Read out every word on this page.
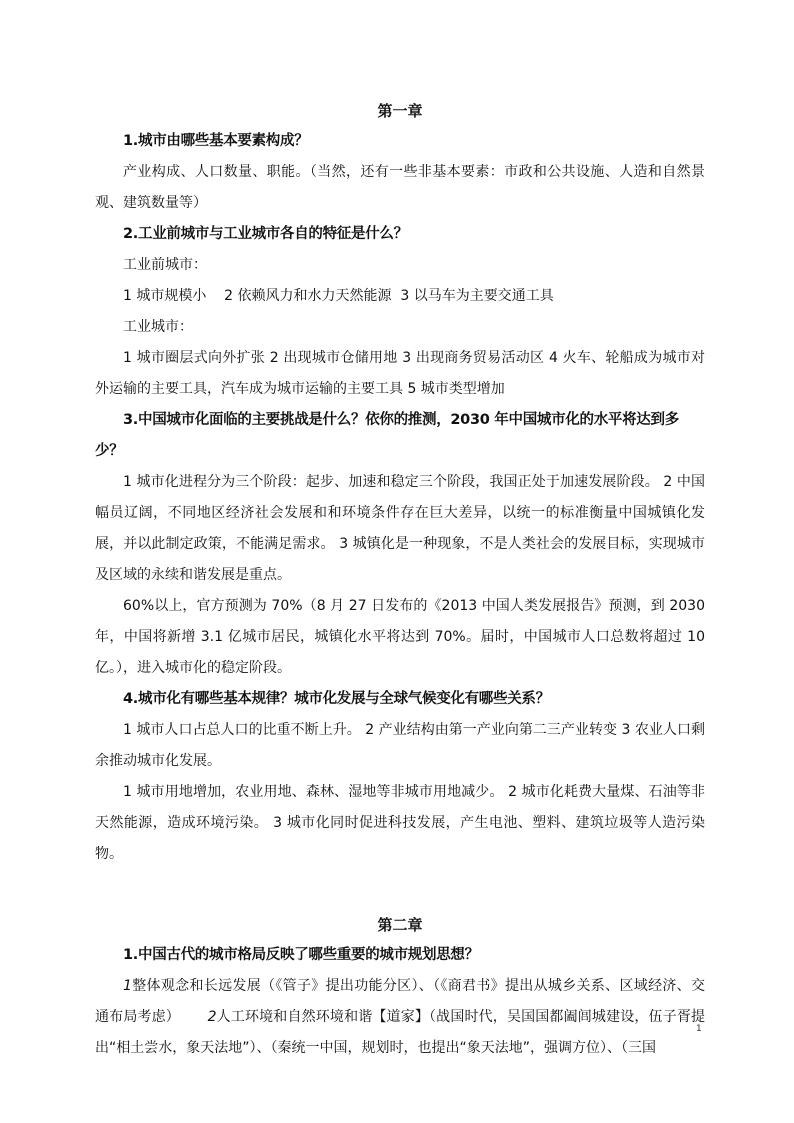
第一章

1.城市由哪些基本要素构成？

产业构成、人口数量、职能。（当然，还有一些非基本要素：市政和公共设施、人造和自然景观、建筑数量等）

2.工业前城市与工业城市各自的特征是什么？

工业前城市：

1 城市规模小    2 依赖风力和水力天然能源  3 以马车为主要交通工具

工业城市：

1 城市圈层式向外扩张 2 出现城市仓储用地 3 出现商务贸易活动区 4 火车、轮船成为城市对外运输的主要工具，汽车成为城市运输的主要工具 5 城市类型增加

3.中国城市化面临的主要挑战是什么？依你的推测，2030 年中国城市化的水平将达到多少？

1 城市化进程分为三个阶段：起步、加速和稳定三个阶段，我国正处于加速发展阶段。 2 中国幅员辽阔，不同地区经济社会发展和和环境条件存在巨大差异，以统一的标准衡量中国城镇化发展，并以此制定政策，不能满足需求。 3 城镇化是一种现象，不是人类社会的发展目标，实现城市及区域的永续和谐发展是重点。

60%以上，官方预测为 70%（8 月 27 日发布的《2013 中国人类发展报告》预测，到 2030 年，中国将新增 3.1 亿城市居民，城镇化水平将达到 70%。届时，中国城市人口总数将超过 10 亿。），进入城市化的稳定阶段。

4.城市化有哪些基本规律？城市化发展与全球气候变化有哪些关系？

1 城市人口占总人口的比重不断上升。 2 产业结构由第一产业向第二三产业转变 3 农业人口剩余推动城市化发展。

1 城市用地增加，农业用地、森林、湿地等非城市用地减少。 2 城市化耗费大量煤、石油等非天然能源，造成环境污染。 3 城市化同时促进科技发展，产生电池、塑料、建筑垃圾等人造污染物。

第二章

1.中国古代的城市格局反映了哪些重要的城市规划思想？

1整体观念和长远发展（《管子》提出功能分区）、（《商君书》提出从城乡关系、区域经济、交通布局考虑）      2人工环境和自然环境和谐【道家】（战国时代，吴国国都阖闾城建设，伍子胥提出“相土尝水，象天法地”）、（秦统一中国，规划时，也提出“象天法地”，强调方位）、（三国

1
